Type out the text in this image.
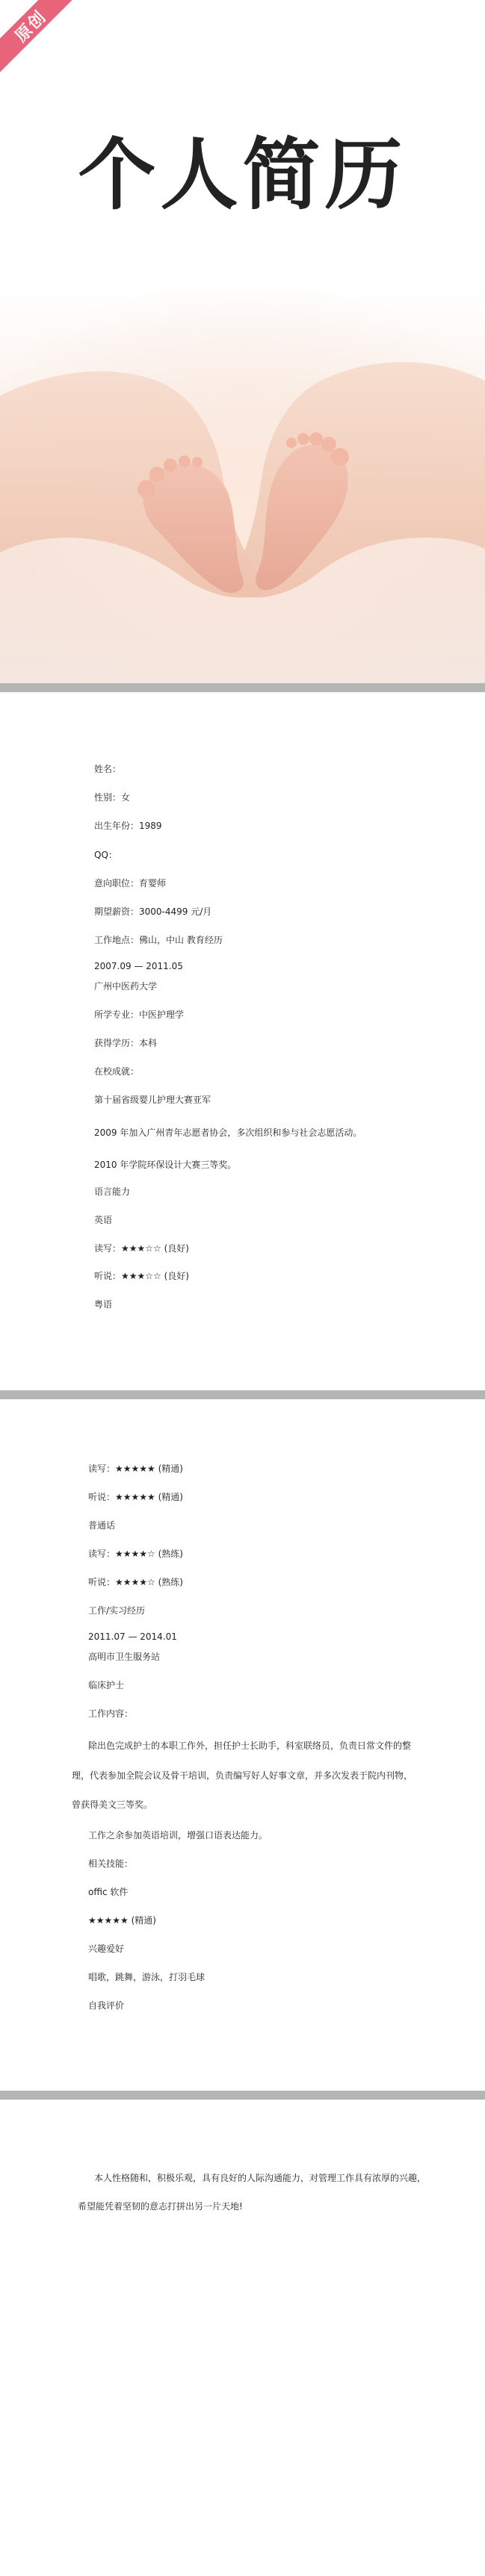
个人简历
原创
姓名：
性别：女
出生年份：1989
QQ：
意向职位：育婴师
期望薪资：3000-4499 元/月
工作地点：佛山，中山 教育经历
2007.09 — 2011.05
广州中医药大学
所学专业：中医护理学
获得学历：本科
在校成就：
第十届省级婴儿护理大赛亚军
2009 年加入广州青年志愿者协会，多次组织和参与社会志愿活动。
2010 年学院环保设计大赛三等奖。
语言能力
英语
读写：★★★☆☆ (良好)
听说：★★★☆☆ (良好)
粤语
读写：★★★★★ (精通)
听说：★★★★★ (精通)
普通话
读写：★★★★☆ (熟练)
听说：★★★★☆ (熟练)
工作/实习经历
2011.07 — 2014.01
高明市卫生服务站
临床护士
工作内容：
除出色完成护士的本职工作外，担任护士长助手，科室联络员，负责日常文件的整
理，代表参加全院会议及骨干培训，负责编写好人好事文章，并多次发表于院内刊物，
曾获得美文三等奖。
工作之余参加英语培训，增强口语表达能力。
相关技能：
offic 软件
★★★★★ (精通)
兴趣爱好
唱歌，跳舞，游泳，打羽毛球
自我评价
本人性格随和，积极乐观，具有良好的人际沟通能力，对管理工作具有浓厚的兴趣，
希望能凭着坚韧的意志打拼出另一片天地!
